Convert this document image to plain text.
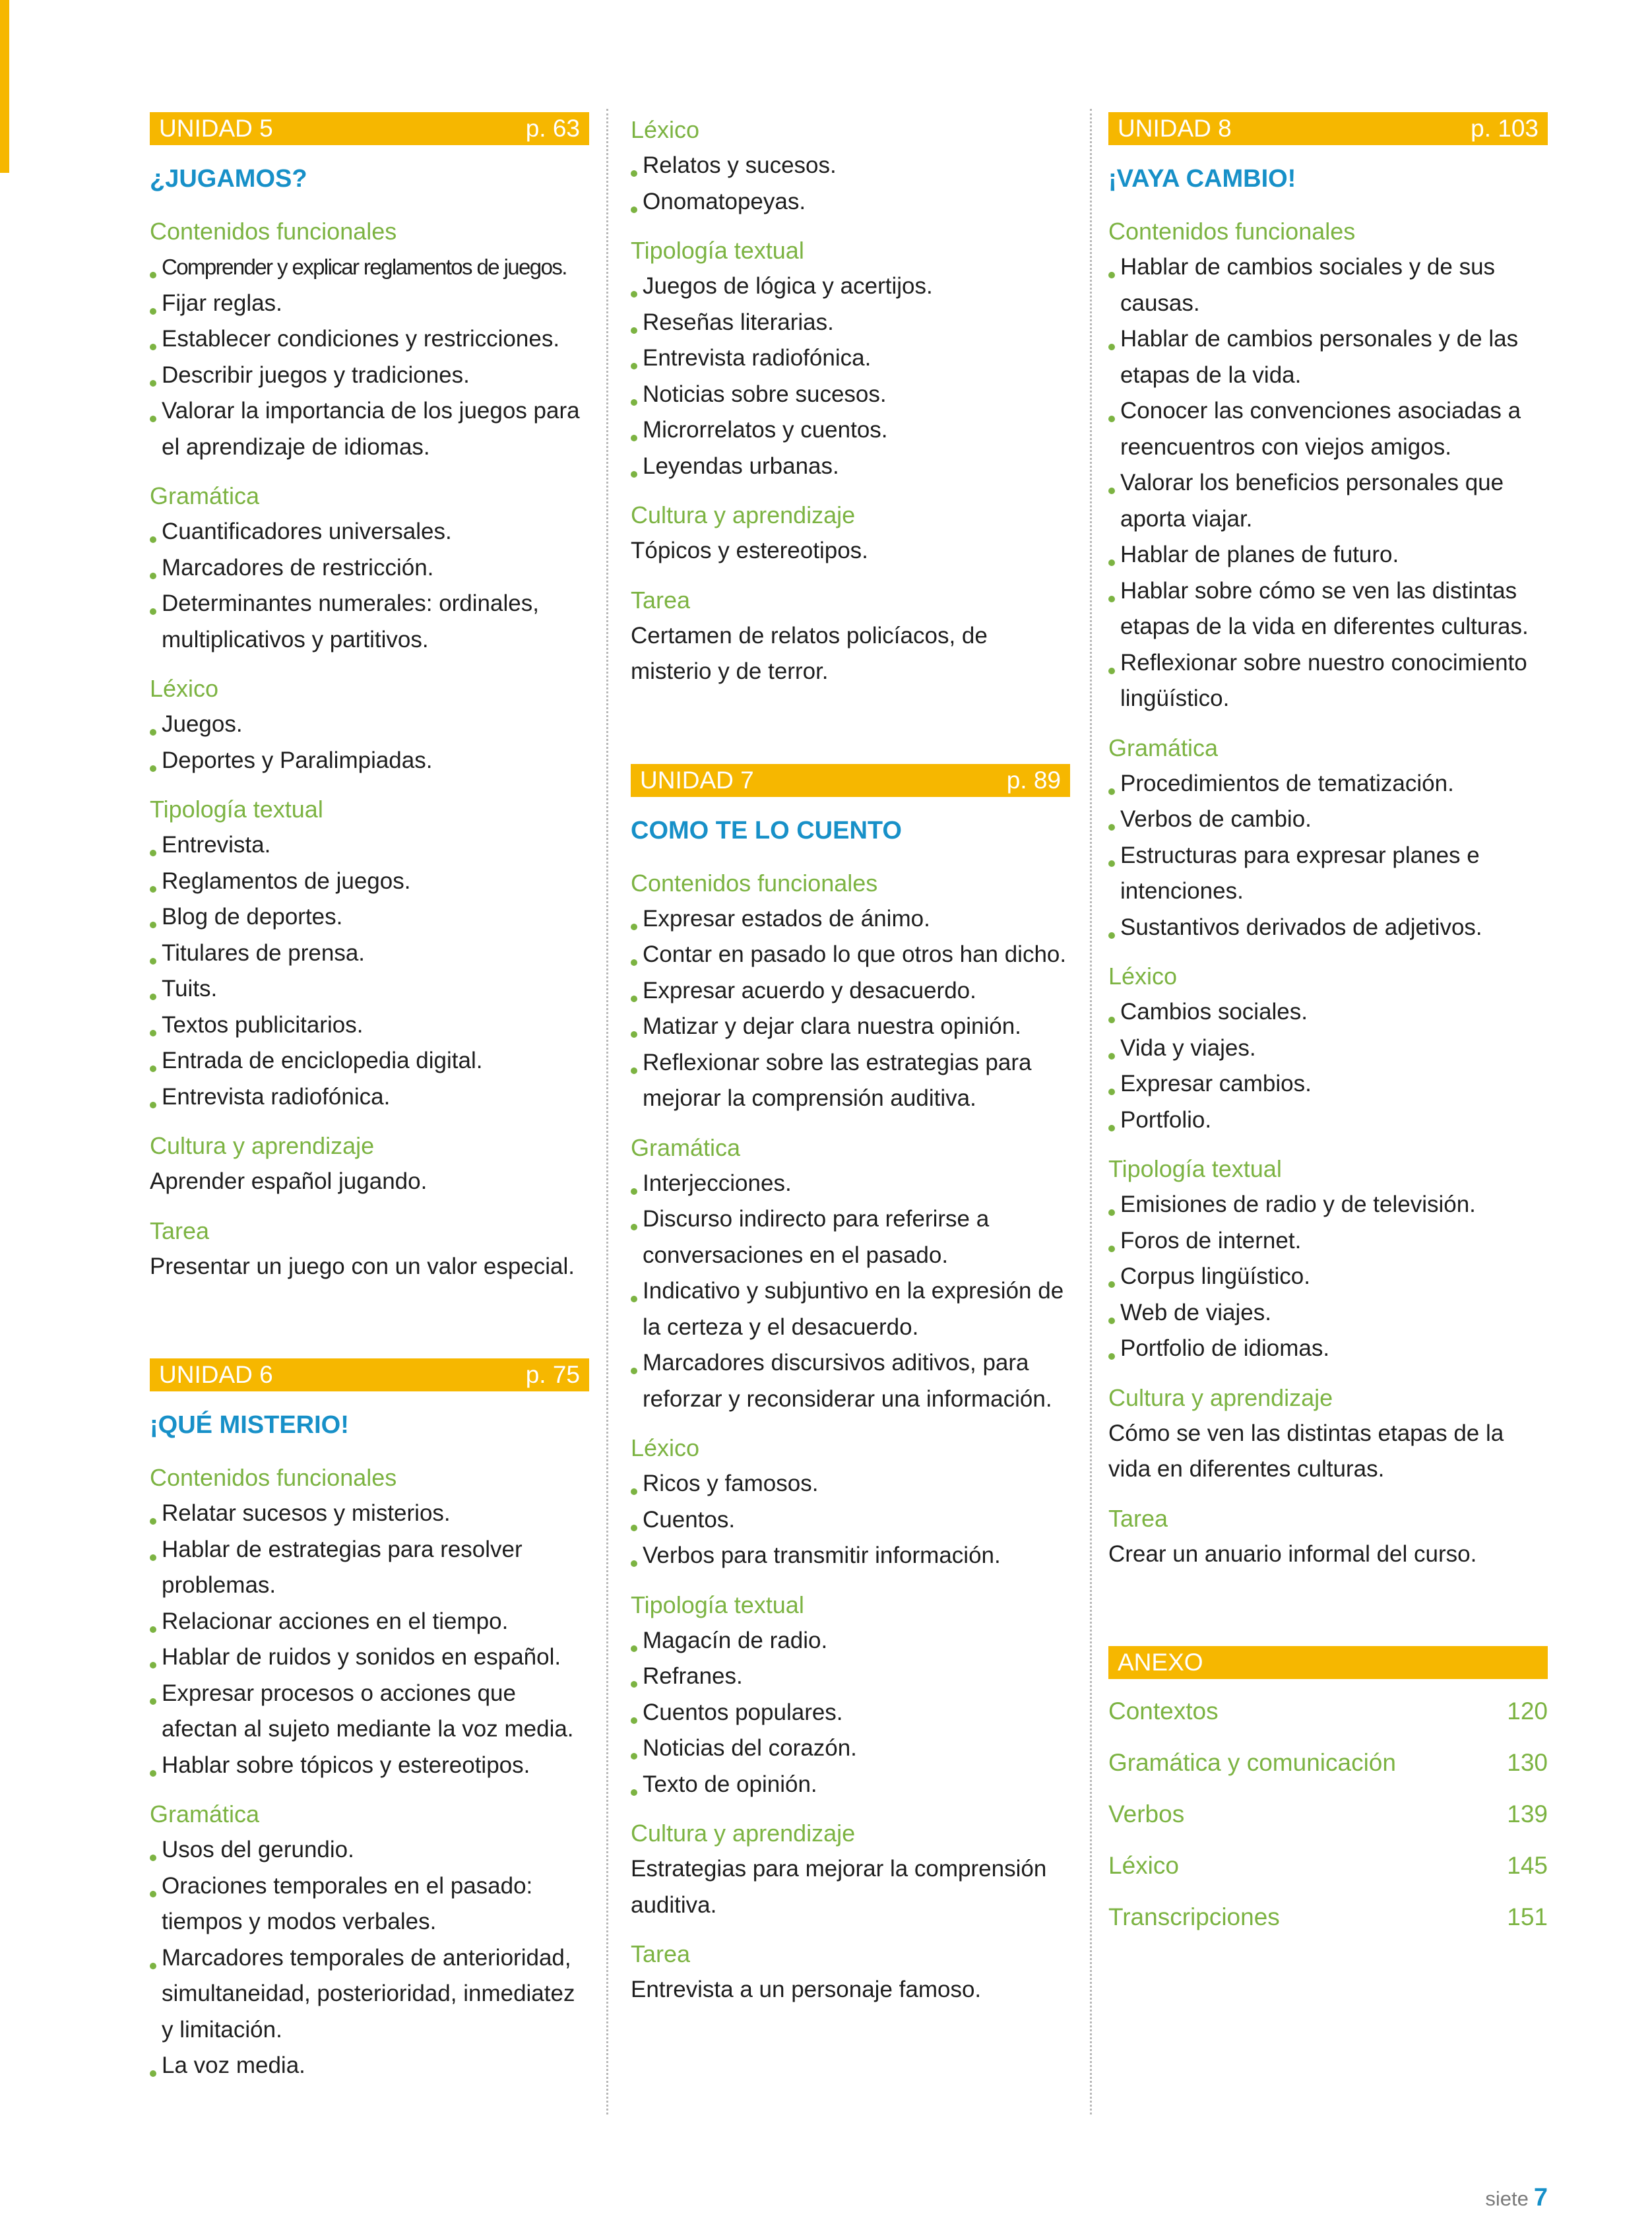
UNIDAD 5	p. 63
¿JUGAMOS?
Contenidos funcionales
Comprender y explicar reglamentos de juegos.
Fijar reglas.
Establecer condiciones y restricciones.
Describir juegos y tradiciones.
Valorar la importancia de los juegos para el aprendizaje de idiomas.
Gramática
Cuantificadores universales.
Marcadores de restricción.
Determinantes numerales: ordinales, multiplicativos y partitivos.
Léxico
Juegos.
Deportes y Paralimpiadas.
Tipología textual
Entrevista.
Reglamentos de juegos.
Blog de deportes.
Titulares de prensa.
Tuits.
Textos publicitarios.
Entrada de enciclopedia digital.
Entrevista radiofónica.
Cultura y aprendizaje
Aprender español jugando.
Tarea
Presentar un juego con un valor especial.
UNIDAD 6	p. 75
¡QUÉ MISTERIO!
Contenidos funcionales
Relatar sucesos y misterios.
Hablar de estrategias para resolver problemas.
Relacionar acciones en el tiempo.
Hablar de ruidos y sonidos en español.
Expresar procesos o acciones que afectan al sujeto mediante la voz media.
Hablar sobre tópicos y estereotipos.
Gramática
Usos del gerundio.
Oraciones temporales en el pasado: tiempos y modos verbales.
Marcadores temporales de anterioridad, simultaneidad, posterioridad, inmediatez y limitación.
La voz media.
Léxico
Relatos y sucesos.
Onomatopeyas.
Tipología textual
Juegos de lógica y acertijos.
Reseñas literarias.
Entrevista radiofónica.
Noticias sobre sucesos.
Microrrelatos y cuentos.
Leyendas urbanas.
Cultura y aprendizaje
Tópicos y estereotipos.
Tarea
Certamen de relatos policíacos, de misterio y de terror.
UNIDAD 7	p. 89
COMO TE LO CUENTO
Contenidos funcionales
Expresar estados de ánimo.
Contar en pasado lo que otros han dicho.
Expresar acuerdo y desacuerdo.
Matizar y dejar clara nuestra opinión.
Reflexionar sobre las estrategias para mejorar la comprensión auditiva.
Gramática
Interjecciones.
Discurso indirecto para referirse a conversaciones en el pasado.
Indicativo y subjuntivo en la expresión de la certeza y el desacuerdo.
Marcadores discursivos aditivos, para reforzar y reconsiderar una información.
Léxico
Ricos y famosos.
Cuentos.
Verbos para transmitir información.
Tipología textual
Magacín de radio.
Refranes.
Cuentos populares.
Noticias del corazón.
Texto de opinión.
Cultura y aprendizaje
Estrategias para mejorar la comprensión auditiva.
Tarea
Entrevista a un personaje famoso.
UNIDAD 8	p. 103
¡VAYA CAMBIO!
Contenidos funcionales
Hablar de cambios sociales y de sus causas.
Hablar de cambios personales y de las etapas de la vida.
Conocer las convenciones asociadas a reencuentros con viejos amigos.
Valorar los beneficios personales que aporta viajar.
Hablar de planes de futuro.
Hablar sobre cómo se ven las distintas etapas de la vida en diferentes culturas.
Reflexionar sobre nuestro conocimiento lingüístico.
Gramática
Procedimientos de tematización.
Verbos de cambio.
Estructuras para expresar planes e intenciones.
Sustantivos derivados de adjetivos.
Léxico
Cambios sociales.
Vida y viajes.
Expresar cambios.
Portfolio.
Tipología textual
Emisiones de radio y de televisión.
Foros de internet.
Corpus lingüístico.
Web de viajes.
Portfolio de idiomas.
Cultura y aprendizaje
Cómo se ven las distintas etapas de la vida en diferentes culturas.
Tarea
Crear un anuario informal del curso.
ANEXO
Contextos	120
Gramática y comunicación	130
Verbos	139
Léxico	145
Transcripciones	151
siete 7
